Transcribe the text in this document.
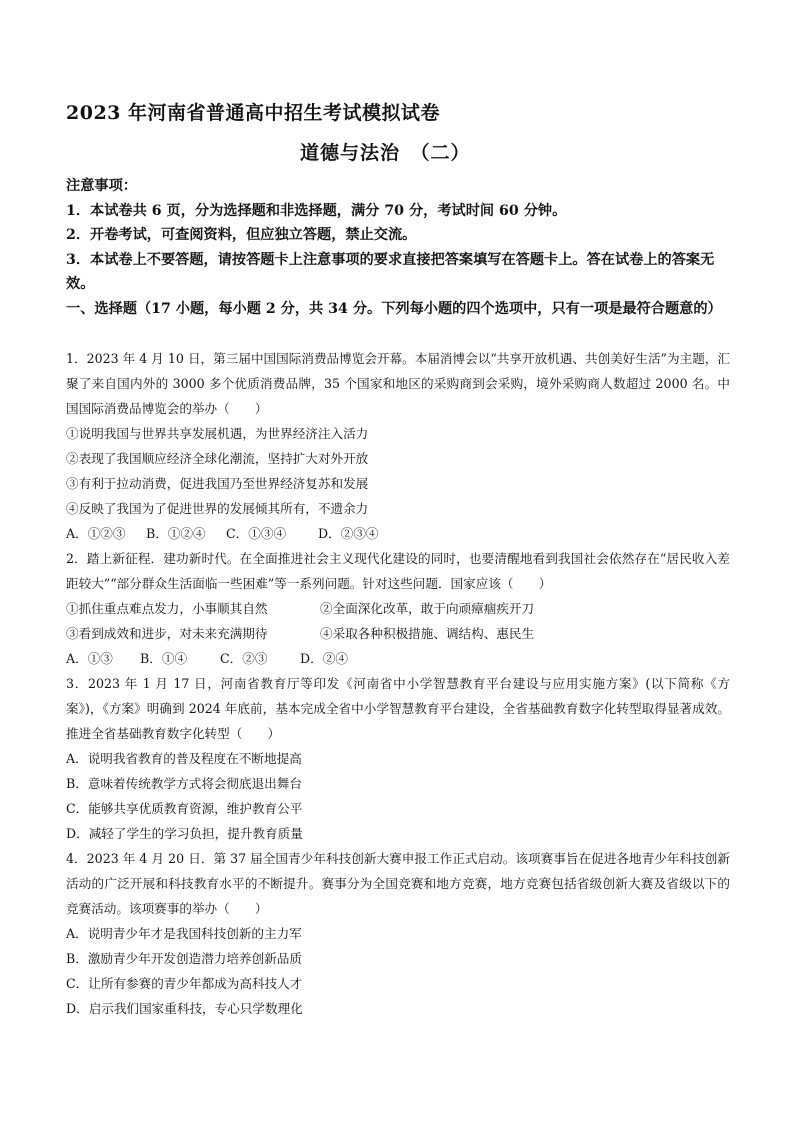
2023 年河南省普通高中招生考试模拟试卷
道德与法治　（二）
注意事项：
1．本试卷共 6 页，分为选择题和非选择题，满分 70 分，考试时间 60 分钟。
2．开卷考试，可查阅资料，但应独立答题，禁止交流。
3．本试卷上不要答题，请按答题卡上注意事项的要求直接把答案填写在答题卡上。答在试卷上的答案无效。
一、选择题（17 小题，每小题 2 分，共 34 分。下列每小题的四个选项中，只有一项是最符合题意的）
1．2023 年 4 月 10 日，第三届中国国际消费品博览会开幕。本届消博会以“共享开放机遇、共创美好生活”为主题，汇聚了来自国内外的 3000 多个优质消费品牌，35 个国家和地区的采购商到会采购，境外采购商人数超过 2000 名。中国国际消费品博览会的举办（　　）
①说明我国与世界共享发展机遇，为世界经济注入活力
②表现了我国顺应经济全球化潮流，坚持扩大对外开放
③有利于拉动消费，促进我国乃至世界经济复苏和发展
④反映了我国为了促进世界的发展倾其所有，不遗余力
A．①②③ B．①②④ C．①③④	D．②③④
2．踏上新征程．建功新时代。在全面推进社会主义现代化建设的同时，也要清醒地看到我国社会依然存在“居民收入差距较大”“部分群众生活面临一些困难”等一系列问题。针对这些问题．国家应该（　　）
①抓住重点难点发力，小事顺其自然	②全面深化改革，敢于向顽瘴痼疾开刀
③看到成效和进步，对未来充满期待	④采取各种积极措施、调结构、惠民生
A．①③ B．①④	C．②③	D．②④
3．2023 年 1 月 17 日，河南省教育厅等印发《河南省中小学智慧教育平台建设与应用实施方案》(以下简称《方案》)，《方案》明确到 2024 年底前，基本完成全省中小学智慧教育平台建设，全省基础教育数字化转型取得显著成效。推进全省基础教育数字化转型（　　）
A．说明我省教育的普及程度在不断地提高
B．意味着传统教学方式将会彻底退出舞台
C．能够共享优质教育资源，维护教育公平
D．减轻了学生的学习负担，提升教育质量
4．2023 年 4 月 20 日．第 37 届全国青少年科技创新大赛申报工作正式启动。该项赛事旨在促进各地青少年科技创新活动的广泛开展和科技教育水平的不断提升。赛事分为全国竞赛和地方竞赛，地方竞赛包括省级创新大赛及省级以下的竞赛活动。该项赛事的举办（　　）
A．说明青少年才是我国科技创新的主力军
B．激励青少年开发创造潜力培养创新品质
C．让所有参赛的青少年都成为高科技人才
D．启示我们国家重科技，专心只学数理化
